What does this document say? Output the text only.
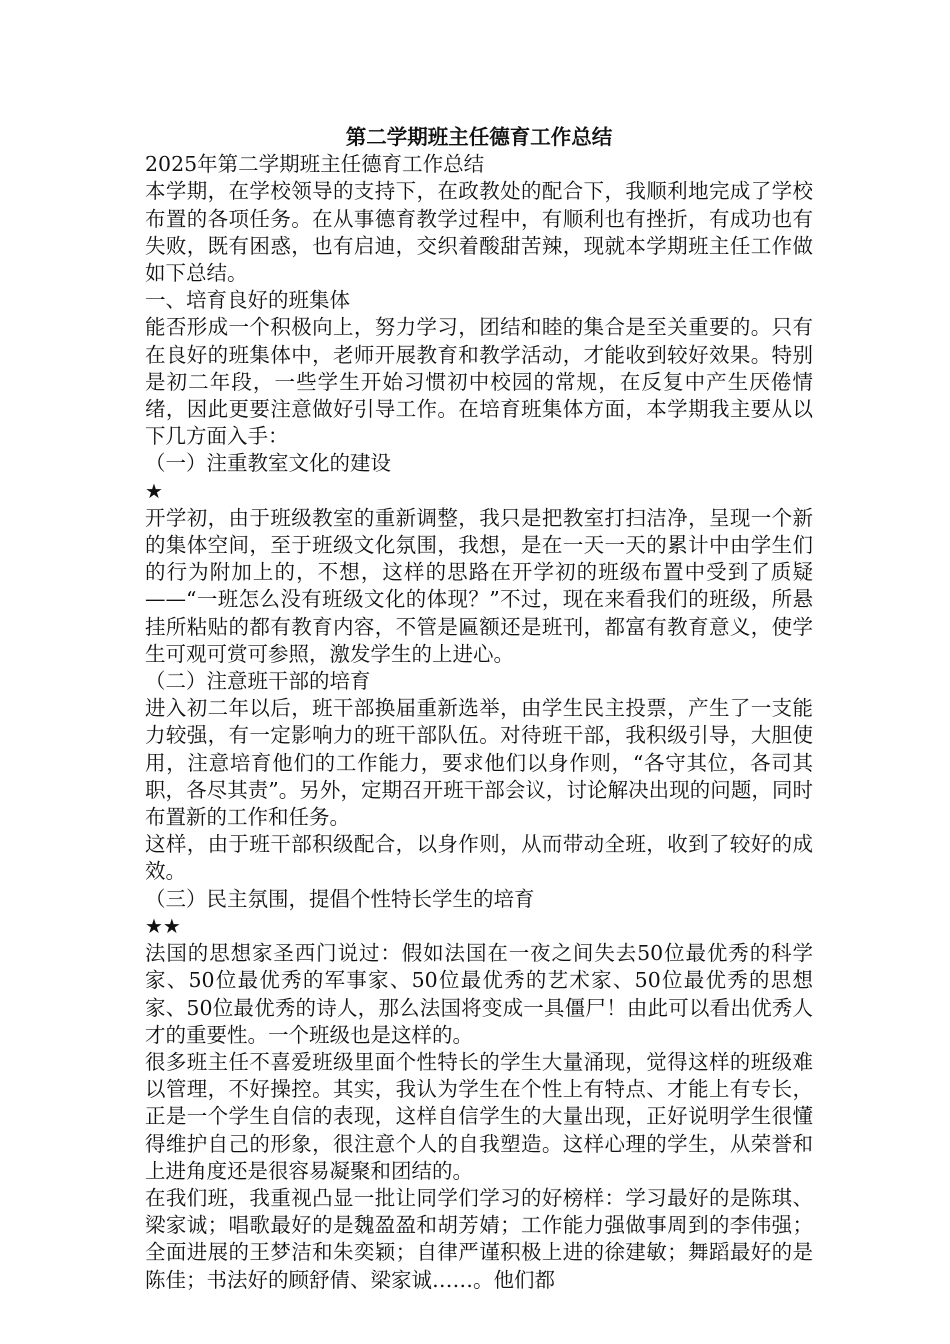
第二学期班主任德育工作总结

2025年第二学期班主任德育工作总结

本学期，在学校领导的支持下，在政教处的配合下，我顺利地完成了学校布置的各项任务。在从事德育教学过程中，有顺利也有挫折，有成功也有失败，既有困惑，也有启迪，交织着酸甜苦辣，现就本学期班主任工作做如下总结。

一、培育良好的班集体

能否形成一个积极向上，努力学习，团结和睦的集合是至关重要的。只有在良好的班集体中，老师开展教育和教学活动，才能收到较好效果。特别是初二年段，一些学生开始习惯初中校园的常规，在反复中产生厌倦情绪，因此更要注意做好引导工作。在培育班集体方面，本学期我主要从以下几方面入手：

（一）注重教室文化的建设

★

开学初，由于班级教室的重新调整，我只是把教室打扫洁净，呈现一个新的集体空间，至于班级文化氛围，我想，是在一天一天的累计中由学生们的行为附加上的，不想，这样的思路在开学初的班级布置中受到了质疑——“一班怎么没有班级文化的体现？”不过，现在来看我们的班级，所悬挂所粘贴的都有教育内容，不管是匾额还是班刊，都富有教育意义，使学生可观可赏可参照，激发学生的上进心。

（二）注意班干部的培育

进入初二年以后，班干部换届重新选举，由学生民主投票，产生了一支能力较强，有一定影响力的班干部队伍。对待班干部，我积级引导，大胆使用，注意培育他们的工作能力，要求他们以身作则，“各守其位，各司其职，各尽其责”。另外，定期召开班干部会议，讨论解决出现的问题，同时布置新的工作和任务。

这样，由于班干部积级配合，以身作则，从而带动全班，收到了较好的成效。

（三）民主氛围，提倡个性特长学生的培育

★★

法国的思想家圣西门说过：假如法国在一夜之间失去50位最优秀的科学家、50位最优秀的军事家、50位最优秀的艺术家、50位最优秀的思想家、50位最优秀的诗人，那么法国将变成一具僵尸！由此可以看出优秀人才的重要性。一个班级也是这样的。

很多班主任不喜爱班级里面个性特长的学生大量涌现，觉得这样的班级难以管理，不好操控。其实，我认为学生在个性上有特点、才能上有专长，正是一个学生自信的表现，这样自信学生的大量出现，正好说明学生很懂得维护自己的形象，很注意个人的自我塑造。这样心理的学生，从荣誉和上进角度还是很容易凝聚和团结的。

在我们班，我重视凸显一批让同学们学习的好榜样：学习最好的是陈琪、梁家诚；唱歌最好的是魏盈盈和胡芳婧；工作能力强做事周到的李伟强；全面进展的王梦洁和朱奕颖；自律严谨积极上进的徐建敏；舞蹈最好的是陈佳；书法好的顾舒倩、梁家诚……。他们都
